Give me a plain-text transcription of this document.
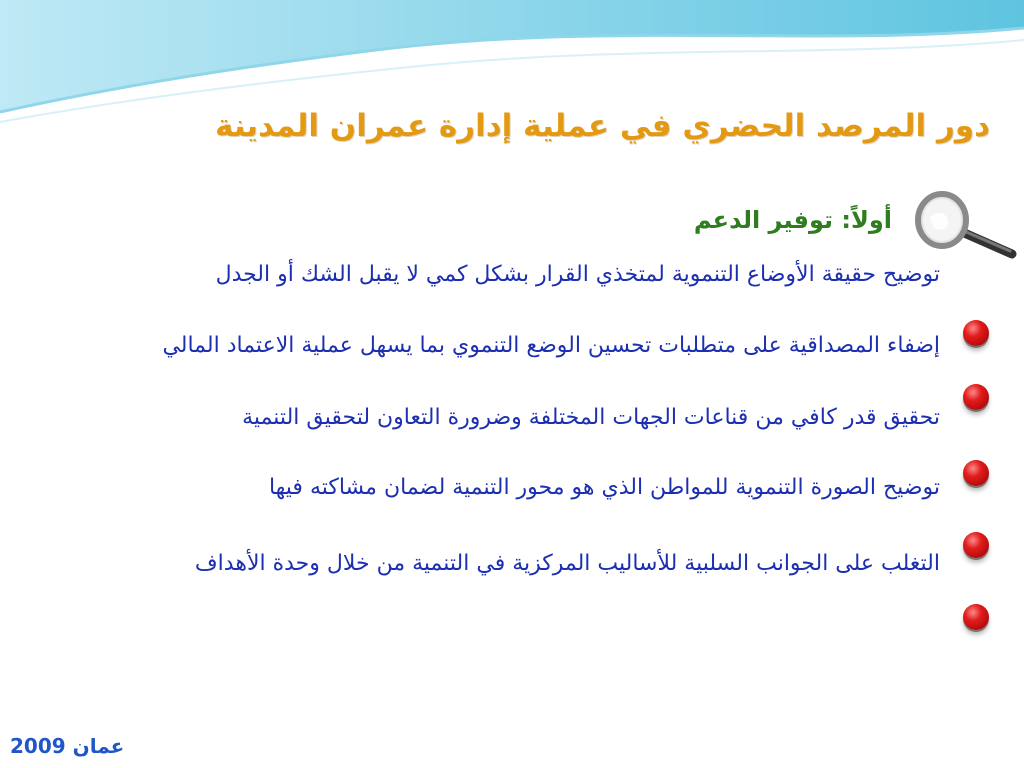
دور المرصد الحضري في عملية إدارة عمران المدينة
أولاً: توفير الدعم
توضيح حقيقة الأوضاع التنموية لمتخذي القرار بشكل كمي لا يقبل الشك أو الجدل
إضفاء المصداقية على متطلبات تحسين الوضع التنموي بما يسهل عملية الاعتماد المالي
تحقيق قدر كافي من قناعات الجهات المختلفة وضرورة التعاون لتحقيق التنمية
توضيح الصورة التنموية للمواطن الذي هو محور التنمية لضمان مشاكته فيها
التغلب على الجوانب السلبية للأساليب المركزية في التنمية من خلال وحدة الأهداف
عمان 2009
